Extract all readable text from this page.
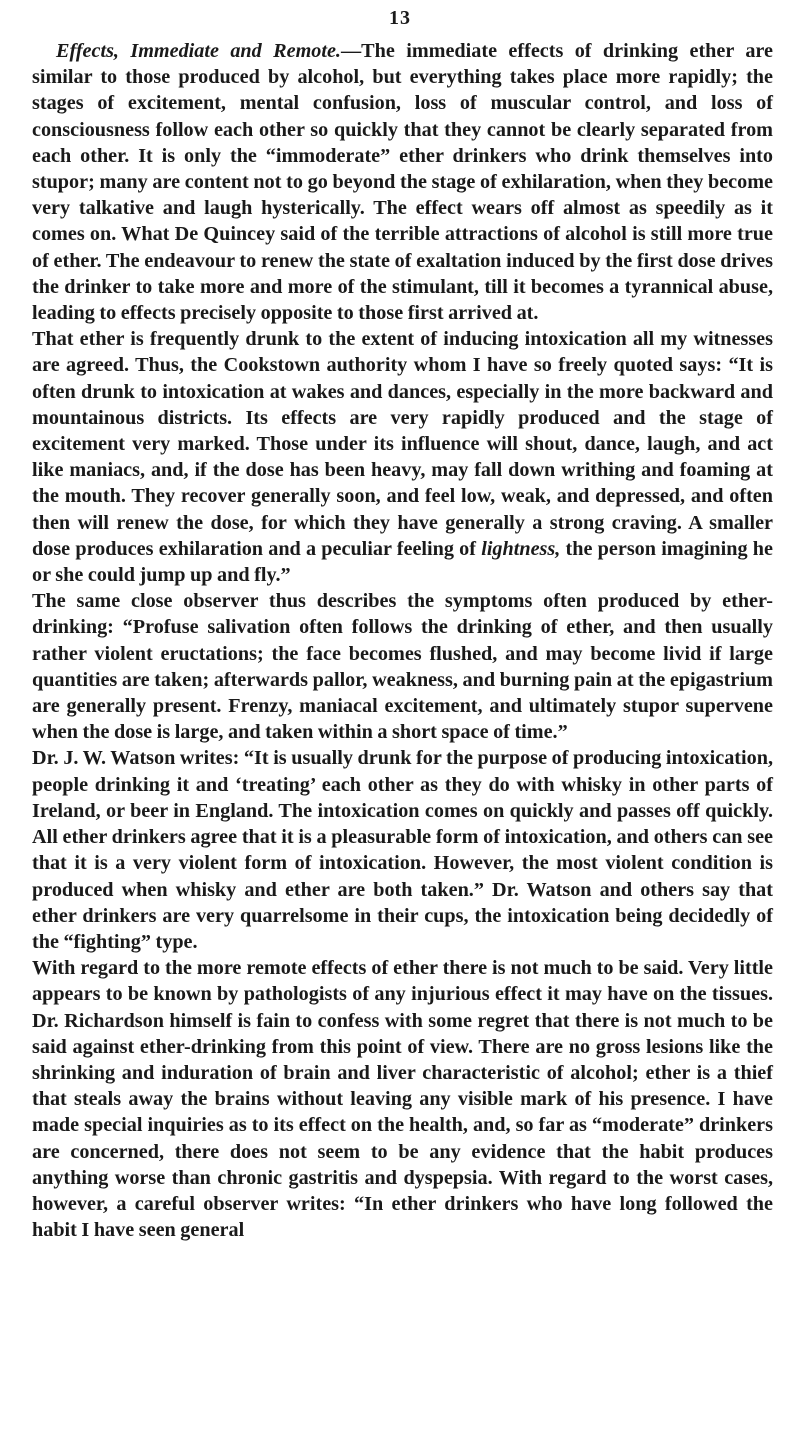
13

Effects, Immediate and Remote.—The immediate effects of drinking ether are similar to those produced by alcohol, but everything takes place more rapidly; the stages of excitement, mental confusion, loss of muscular control, and loss of consciousness follow each other so quickly that they cannot be clearly separated from each other. It is only the “immoderate” ether drinkers who drink themselves into stupor; many are content not to go beyond the stage of exhilaration, when they become very talkative and laugh hysterically. The effect wears off almost as speedily as it comes on. What De Quincey said of the terrible attractions of alcohol is still more true of ether. The endeavour to renew the state of exaltation induced by the first dose drives the drinker to take more and more of the stimulant, till it becomes a tyrannical abuse, leading to effects precisely opposite to those first arrived at.

That ether is frequently drunk to the extent of inducing intoxication all my witnesses are agreed. Thus, the Cookstown authority whom I have so freely quoted says: “It is often drunk to intoxication at wakes and dances, especially in the more backward and mountainous districts. Its effects are very rapidly produced and the stage of excitement very marked. Those under its influence will shout, dance, laugh, and act like maniacs, and, if the dose has been heavy, may fall down writhing and foaming at the mouth. They recover generally soon, and feel low, weak, and depressed, and often then will renew the dose, for which they have generally a strong craving. A smaller dose produces exhilaration and a peculiar feeling of lightness, the person imagining he or she could jump up and fly.”

The same close observer thus describes the symptoms often produced by ether-drinking: “Profuse salivation often follows the drinking of ether, and then usually rather violent eructations; the face becomes flushed, and may become livid if large quantities are taken; afterwards pallor, weakness, and burning pain at the epigastrium are generally present. Frenzy, maniacal excitement, and ultimately stupor supervene when the dose is large, and taken within a short space of time.”

Dr. J. W. Watson writes: “It is usually drunk for the purpose of producing intoxication, people drinking it and ‘treating’ each other as they do with whisky in other parts of Ireland, or beer in England. The intoxication comes on quickly and passes off quickly. All ether drinkers agree that it is a pleasurable form of intoxication, and others can see that it is a very violent form of intoxication. However, the most violent condition is produced when whisky and ether are both taken.” Dr. Watson and others say that ether drinkers are very quarrelsome in their cups, the intoxication being decidedly of the “fighting” type.

With regard to the more remote effects of ether there is not much to be said. Very little appears to be known by pathologists of any injurious effect it may have on the tissues. Dr. Richardson himself is fain to confess with some regret that there is not much to be said against ether-drinking from this point of view. There are no gross lesions like the shrinking and induration of brain and liver characteristic of alcohol; ether is a thief that steals away the brains without leaving any visible mark of his presence. I have made special inquiries as to its effect on the health, and, so far as “moderate” drinkers are concerned, there does not seem to be any evidence that the habit produces anything worse than chronic gastritis and dyspepsia. With regard to the worst cases, however, a careful observer writes: “In ether drinkers who have long followed the habit I have seen general
